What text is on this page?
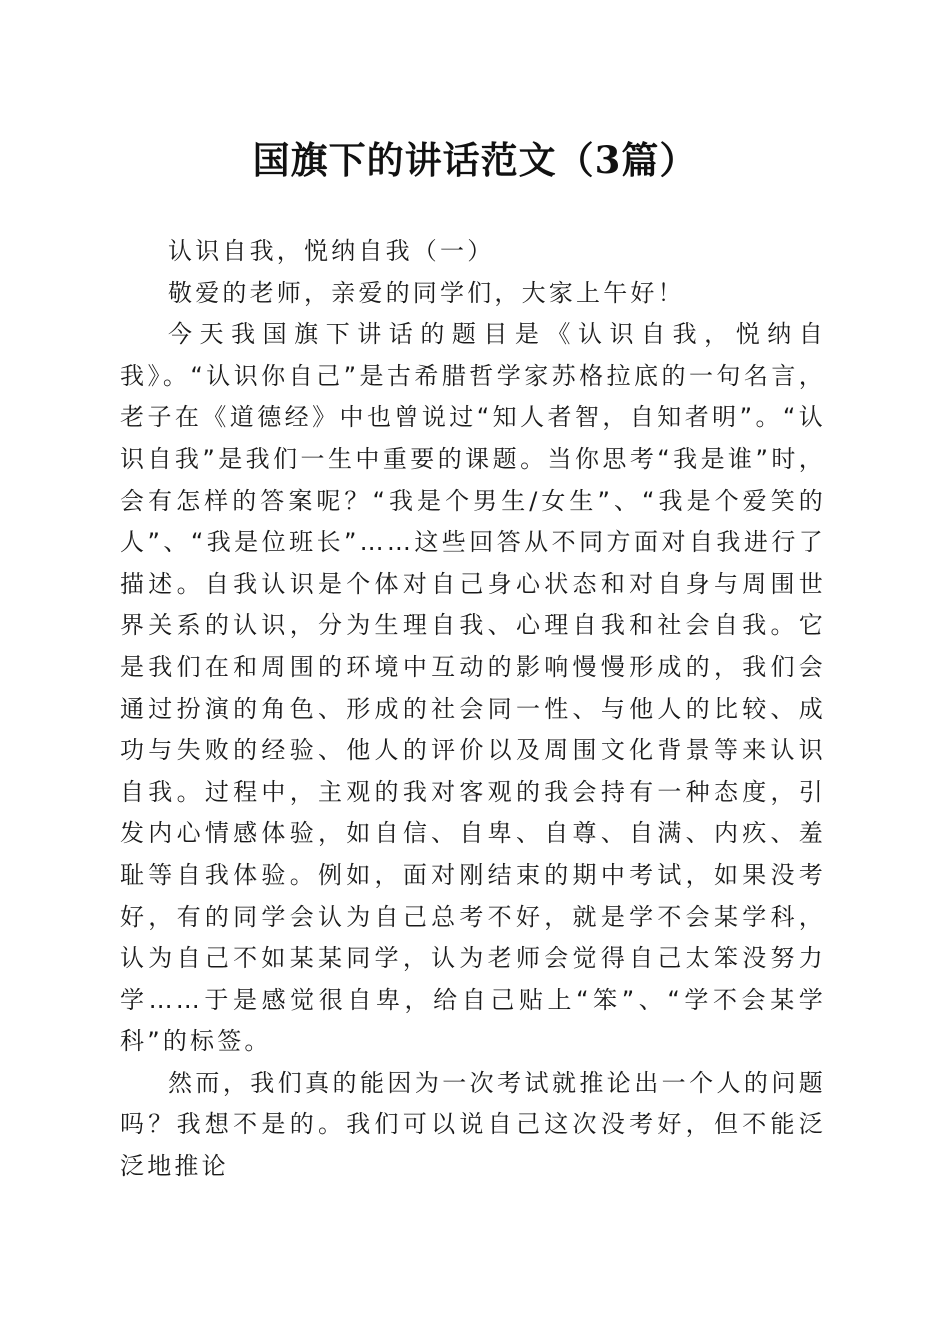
国旗下的讲话范文（3篇）

认识自我，悦纳自我（一）

敬爱的老师，亲爱的同学们，大家上午好！

今天我国旗下讲话的题目是《认识自我，悦纳自我》。“认识你自己”是古希腊哲学家苏格拉底的一句名言，老子在《道德经》中也曾说过“知人者智，自知者明”。“认识自我”是我们一生中重要的课题。当你思考“我是谁”时，会有怎样的答案呢？“我是个男生/女生”、“我是个爱笑的人”、“我是位班长”……这些回答从不同方面对自我进行了描述。自我认识是个体对自己身心状态和对自身与周围世界关系的认识，分为生理自我、心理自我和社会自我。它是我们在和周围的环境中互动的影响慢慢形成的，我们会通过扮演的角色、形成的社会同一性、与他人的比较、成功与失败的经验、他人的评价以及周围文化背景等来认识自我。过程中，主观的我对客观的我会持有一种态度，引发内心情感体验，如自信、自卑、自尊、自满、内疚、羞耻等自我体验。例如，面对刚结束的期中考试，如果没考好，有的同学会认为自己总考不好，就是学不会某学科，认为自己不如某某同学，认为老师会觉得自己太笨没努力学……于是感觉很自卑，给自己贴上“笨”、“学不会某学科”的标签。

然而，我们真的能因为一次考试就推论出一个人的问题吗？我想不是的。我们可以说自己这次没考好，但不能泛泛地推论
